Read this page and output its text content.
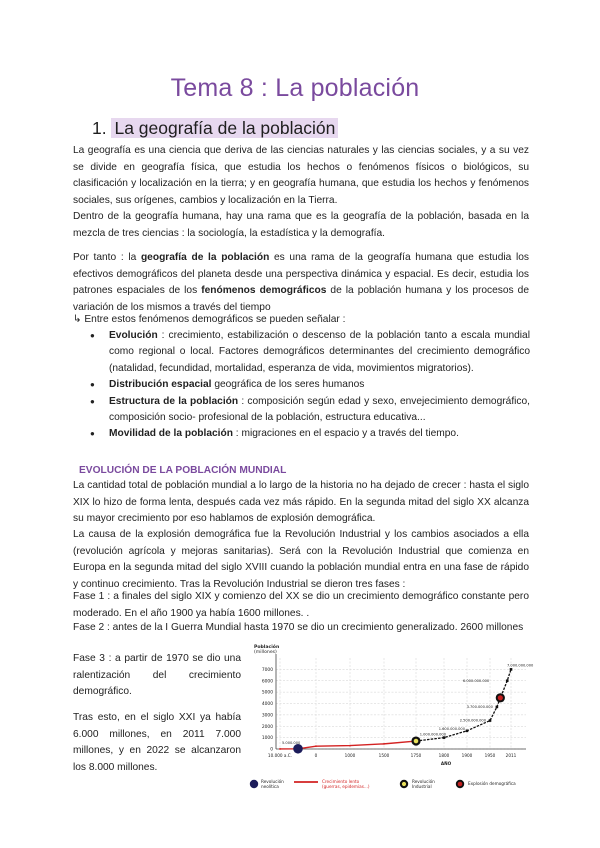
Tema 8 : La población
1. La geografía de la población

La geografía es una ciencia que deriva de las ciencias naturales y las ciencias sociales, y a su vez se divide en geografía física, que estudia los hechos o fenómenos físicos o biológicos, su clasificación y localización en la tierra; y en geografía humana, que estudia los hechos y fenómenos sociales, sus orígenes, cambios y localización en la Tierra.

Dentro de la geografía humana, hay una rama que es la geografía de la población, basada en la mezcla de tres ciencias : la sociología, la estadística y la demografía.

Por tanto : la geografía de la población es una rama de la geografía humana que estudia los efectivos demográficos del planeta desde una perspectiva dinámica y espacial. Es decir, estudia los patrones espaciales de los fenómenos demográficos de la población humana y los procesos de variación de los mismos a través del tiempo

↳ Entre estos fenómenos demográficos se pueden señalar :

● Evolución : crecimiento, estabilización o descenso de la población tanto a escala mundial como regional o local. Factores demográficos determinantes del crecimiento demográfico (natalidad, fecundidad, mortalidad, esperanza de vida, movimientos migratorios).
● Distribución espacial geográfica de los seres humanos
● Estructura de la población : composición según edad y sexo, envejecimiento demográfico, composición socio- profesional de la población, estructura educativa...
● Movilidad de la población : migraciones en el espacio y a través del tiempo.
EVOLUCIÓN DE LA POBLACIÓN MUNDIAL

La cantidad total de población mundial a lo largo de la historia no ha dejado de crecer : hasta el siglo XIX lo hizo de forma lenta, después cada vez más rápido. En la segunda mitad del siglo XX alcanza su mayor crecimiento por eso hablamos de explosión demográfica.

La causa de la explosión demográfica fue la Revolución Industrial y los cambios asociados a ella (revolución agrícola y mejoras sanitarias). Será con la Revolución Industrial que comienza en Europa en la segunda mitad del siglo XVIII cuando la población mundial entra en una fase de rápido y continuo crecimiento. Tras la Revolución Industrial se dieron tres fases :

Fase 1 : a finales del siglo XIX y comienzo del XX se dio un crecimiento demográfico constante pero moderado. En el año 1900 ya había 1600 millones. .

Fase 2 : antes de la I Guerra Mundial hasta 1970 se dio un crecimiento generalizado. 2600 millones

Fase 3 : a partir de 1970 se dio una ralentización del crecimiento demográfico.

Tras esto, en el siglo XXI ya había 6.000 millones, en 2011 7.000 millones, y en 2022 se alcanzaron los 8.000 millones.

Población
(millones)
0
1000
2000
3000
4000
5000
6000
7000
10.000 a.C.	0	1000	1500	1750	1800	1900	1950 2011
AÑO
7.000.000.000
6.000.000.000
3.700.000.000
2.500.000.000
1.600.000.000
1.000.000.000
5.000.000
Revolución
neolítica
Crecimiento lento
(guerras, epidemias...)
Revolución
Industrial
Explosión demográfica
